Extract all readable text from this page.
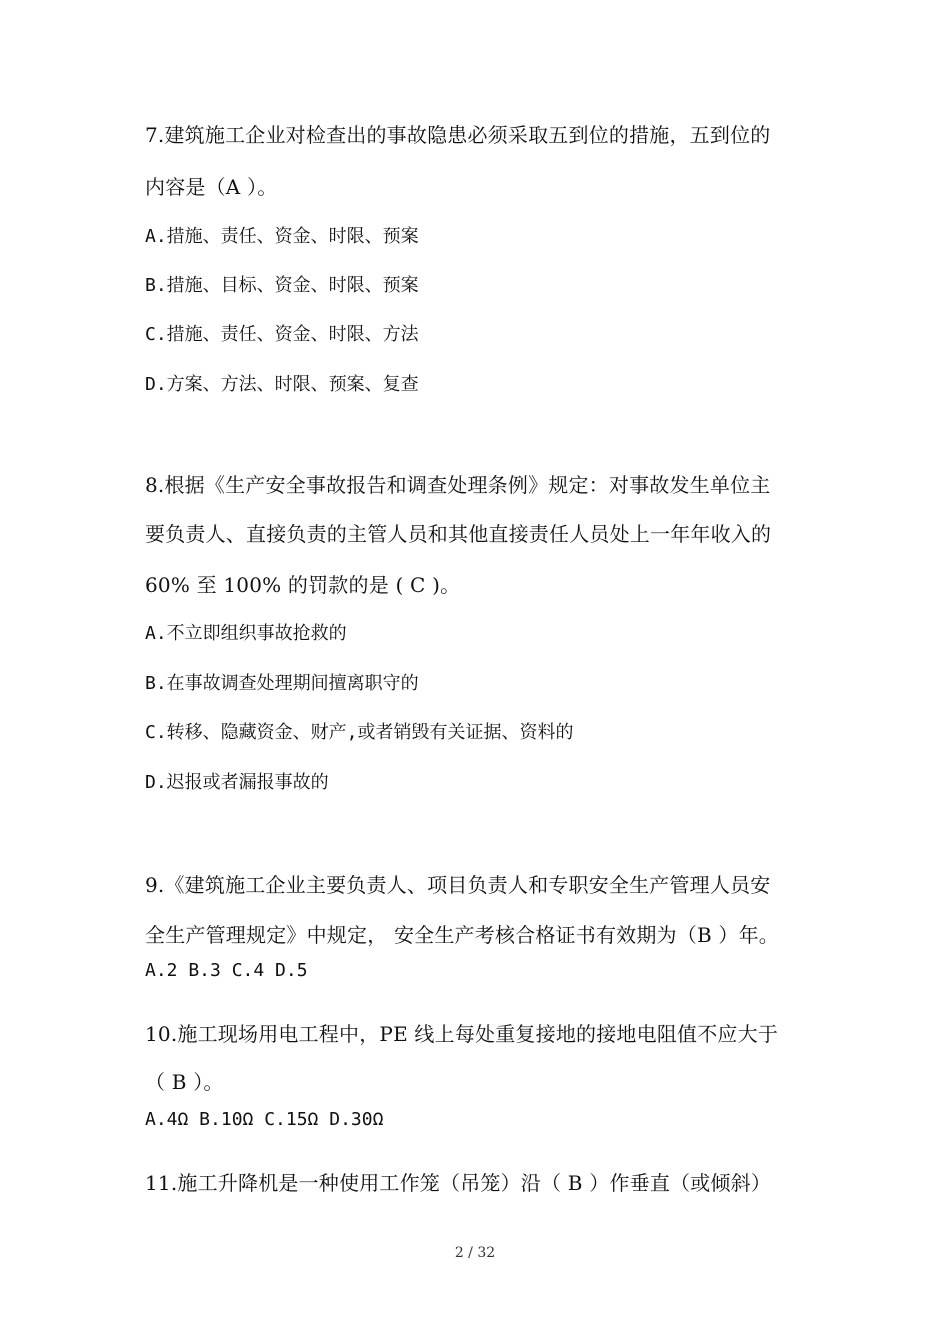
7.建筑施工企业对检查出的事故隐患必须采取五到位的措施，五到位的
内容是（A ）。
A.措施、责任、资金、时限、预案
B.措施、目标、资金、时限、预案
C.措施、责任、资金、时限、方法
D.方案、方法、时限、预案、复查
8.根据《生产安全事故报告和调查处理条例》规定：对事故发生单位主
要负责人、直接负责的主管人员和其他直接责任人员处上一年年收入的
60% 至 100% 的罚款的是 ( C )。
A.不立即组织事故抢救的
B.在事故调查处理期间擅离职守的
C.转移、隐藏资金、财产,或者销毁有关证据、资料的
D.迟报或者漏报事故的
9.《建筑施工企业主要负责人、项目负责人和专职安全生产管理人员安
全生产管理规定》中规定， 安全生产考核合格证书有效期为（B ）年。
A.2 B.3 C.4 D.5
10.施工现场用电工程中，PE 线上每处重复接地的接地电阻值不应大于
（ B ）。
A.4Ω B.10Ω C.15Ω D.30Ω
11.施工升降机是一种使用工作笼（吊笼）沿（ B ）作垂直（或倾斜）
2 / 32
